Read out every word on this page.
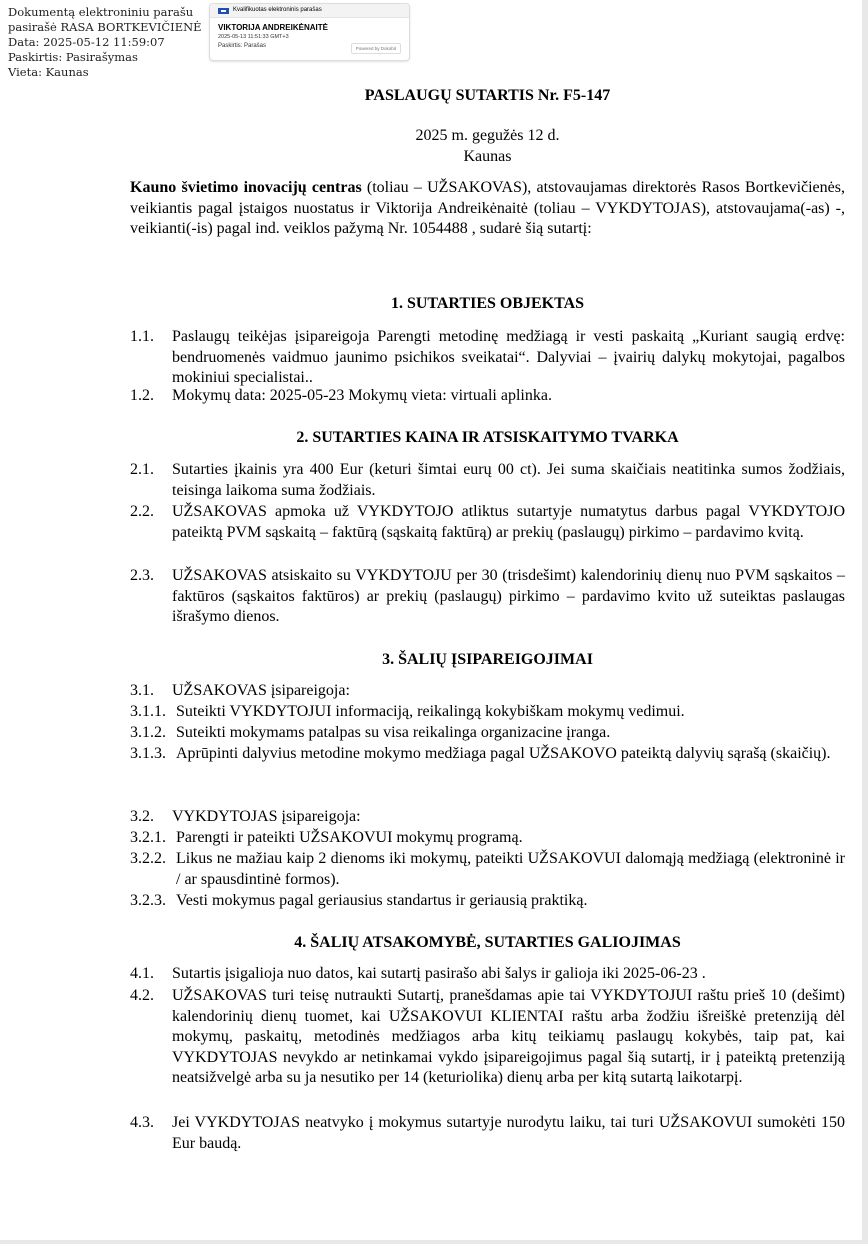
Dokumentą elektroniniu parašu
pasirašė RASA BORTKEVIČIENĖ
Data: 2025-05-12 11:59:07
Paskirtis: Pasirašymas
Vieta: Kaunas
Kvalifikuotas elektroninis parašas
VIKTORIJA ANDREIKĖNAITĖ
2025-05-13 11:51:33 GMT+3
Paskirtis: Parašas	Powered by Dokobit
PASLAUGŲ SUTARTIS Nr. F5-147
2025 m. gegužės 12 d.
Kaunas
Kauno švietimo inovacijų centras (toliau – UŽSAKOVAS), atstovaujamas direktorės Rasos Bortkevičienės, veikiantis pagal įstaigos nuostatus ir Viktorija Andreikėnaitė (toliau – VYKDYTOJAS), atstovaujama(-as) -, veikianti(-is) pagal ind. veiklos pažymą Nr. 1054488 , sudarė šią sutartį:
1. SUTARTIES OBJEKTAS
1.1.	Paslaugų teikėjas įsipareigoja Parengti metodinę medžiagą ir vesti paskaitą „Kuriant saugią erdvę: bendruomenės vaidmuo jaunimo psichikos sveikatai“. Dalyviai – įvairių dalykų mokytojai, pagalbos mokiniui specialistai..
1.2.	Mokymų data: 2025-05-23 Mokymų vieta: virtuali aplinka.
2. SUTARTIES KAINA IR ATSISKAITYMO TVARKA
2.1.	Sutarties įkainis yra 400 Eur (keturi šimtai eurų 00 ct). Jei suma skaičiais neatitinka sumos žodžiais, teisinga laikoma suma žodžiais.
2.2.	UŽSAKOVAS apmoka už VYKDYTOJO atliktus sutartyje numatytus darbus pagal VYKDYTOJO pateiktą PVM sąskaitą – faktūrą (sąskaitą faktūrą) ar prekių (paslaugų) pirkimo – pardavimo kvitą.
2.3.	UŽSAKOVAS atsiskaito su VYKDYTOJU per 30 (trisdešimt) kalendorinių dienų nuo PVM sąskaitos – faktūros (sąskaitos faktūros) ar prekių (paslaugų) pirkimo – pardavimo kvito už suteiktas paslaugas išrašymo dienos.
3. ŠALIŲ ĮSIPAREIGOJIMAI
3.1.	UŽSAKOVAS įsipareigoja:
3.1.1. Suteikti VYKDYTOJUI informaciją, reikalingą kokybiškam mokymų vedimui.
3.1.2. Suteikti mokymams patalpas su visa reikalinga organizacine įranga.
3.1.3. Aprūpinti dalyvius metodine mokymo medžiaga pagal UŽSAKOVO pateiktą dalyvių sąrašą (skaičių).
3.2.	VYKDYTOJAS įsipareigoja:
3.2.1. Parengti ir pateikti UŽSAKOVUI mokymų programą.
3.2.2. Likus ne mažiau kaip 2 dienoms iki mokymų, pateikti UŽSAKOVUI dalomąją medžiagą (elektroninė ir / ar spausdintinė formos).
3.2.3. Vesti mokymus pagal geriausius standartus ir geriausią praktiką.
4. ŠALIŲ ATSAKOMYBĖ, SUTARTIES GALIOJIMAS
4.1.	Sutartis įsigalioja nuo datos, kai sutartį pasirašo abi šalys ir galioja iki 2025-06-23 .
4.2.	UŽSAKOVAS turi teisę nutraukti Sutartį, pranešdamas apie tai VYKDYTOJUI raštu prieš 10 (dešimt) kalendorinių dienų tuomet, kai UŽSAKOVUI KLIENTAI raštu arba žodžiu išreiškė pretenziją dėl mokymų, paskaitų, metodinės medžiagos arba kitų teikiamų paslaugų kokybės, taip pat, kai VYKDYTOJAS nevykdo ar netinkamai vykdo įsipareigojimus pagal šią sutartį, ir į pateiktą pretenziją neatsižvelgė arba su ja nesutiko per 14 (keturiolika) dienų arba per kitą sutartą laikotarpį.
4.3.	Jei VYKDYTOJAS neatvyko į mokymus sutartyje nurodytu laiku, tai turi UŽSAKOVUI sumokėti 150 Eur baudą.
